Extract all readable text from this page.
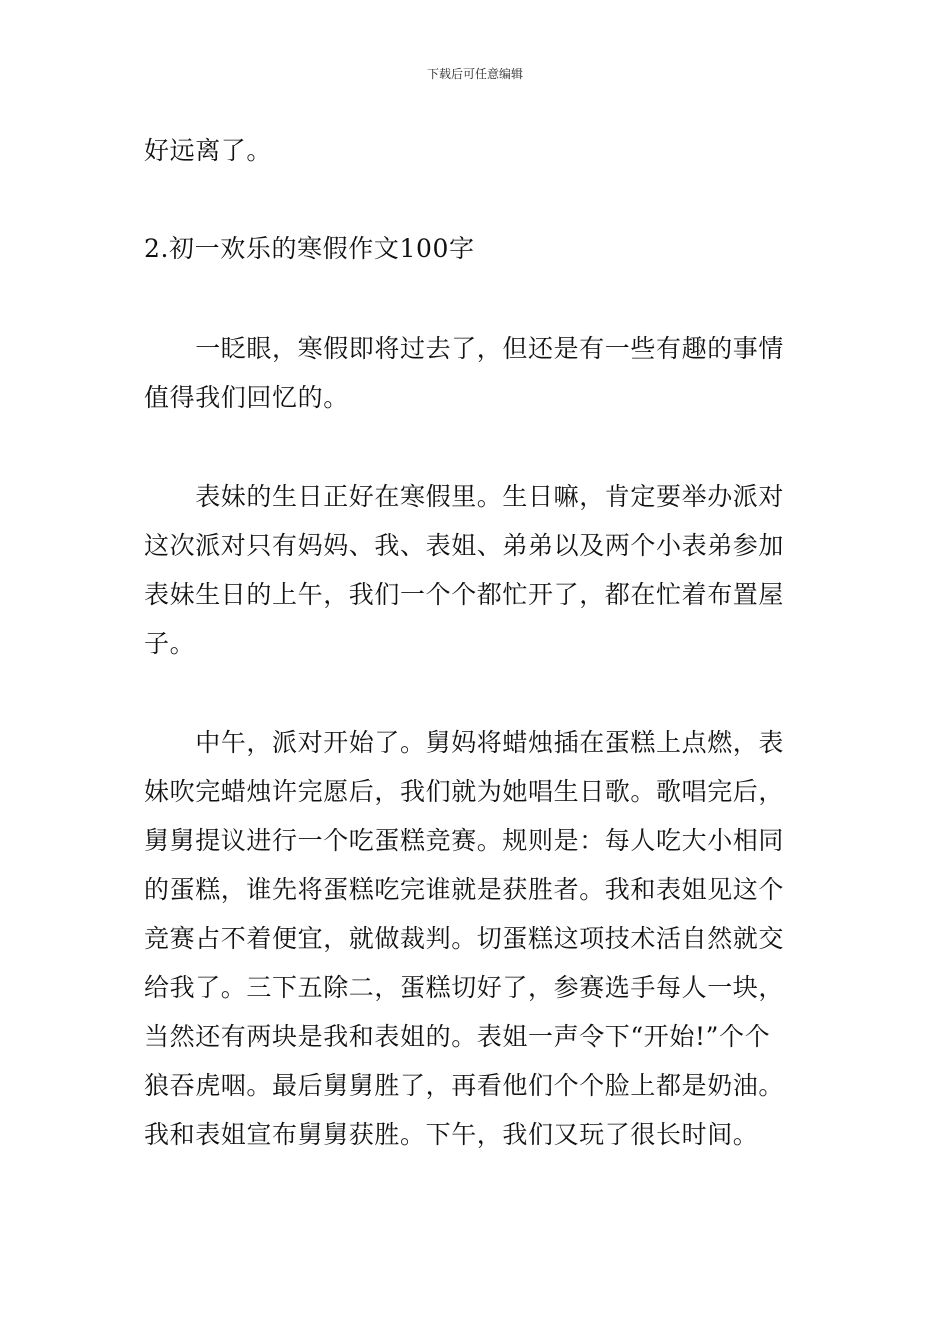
下载后可任意编辑
好远离了。
2.初一欢乐的寒假作文100字
　　一眨眼，寒假即将过去了，但还是有一些有趣的事情
值得我们回忆的。
　　表妹的生日正好在寒假里。生日嘛，肯定要举办派对
这次派对只有妈妈、我、表姐、弟弟以及两个小表弟参加
表妹生日的上午，我们一个个都忙开了，都在忙着布置屋
子。
　　中午，派对开始了。舅妈将蜡烛插在蛋糕上点燃，表
妹吹完蜡烛许完愿后，我们就为她唱生日歌。歌唱完后，
舅舅提议进行一个吃蛋糕竞赛。规则是：每人吃大小相同
的蛋糕，谁先将蛋糕吃完谁就是获胜者。我和表姐见这个
竞赛占不着便宜，就做裁判。切蛋糕这项技术活自然就交
给我了。三下五除二，蛋糕切好了，参赛选手每人一块，
当然还有两块是我和表姐的。表姐一声令下“开始!”个个
狼吞虎咽。最后舅舅胜了，再看他们个个脸上都是奶油。
我和表姐宣布舅舅获胜。下午，我们又玩了很长时间。
